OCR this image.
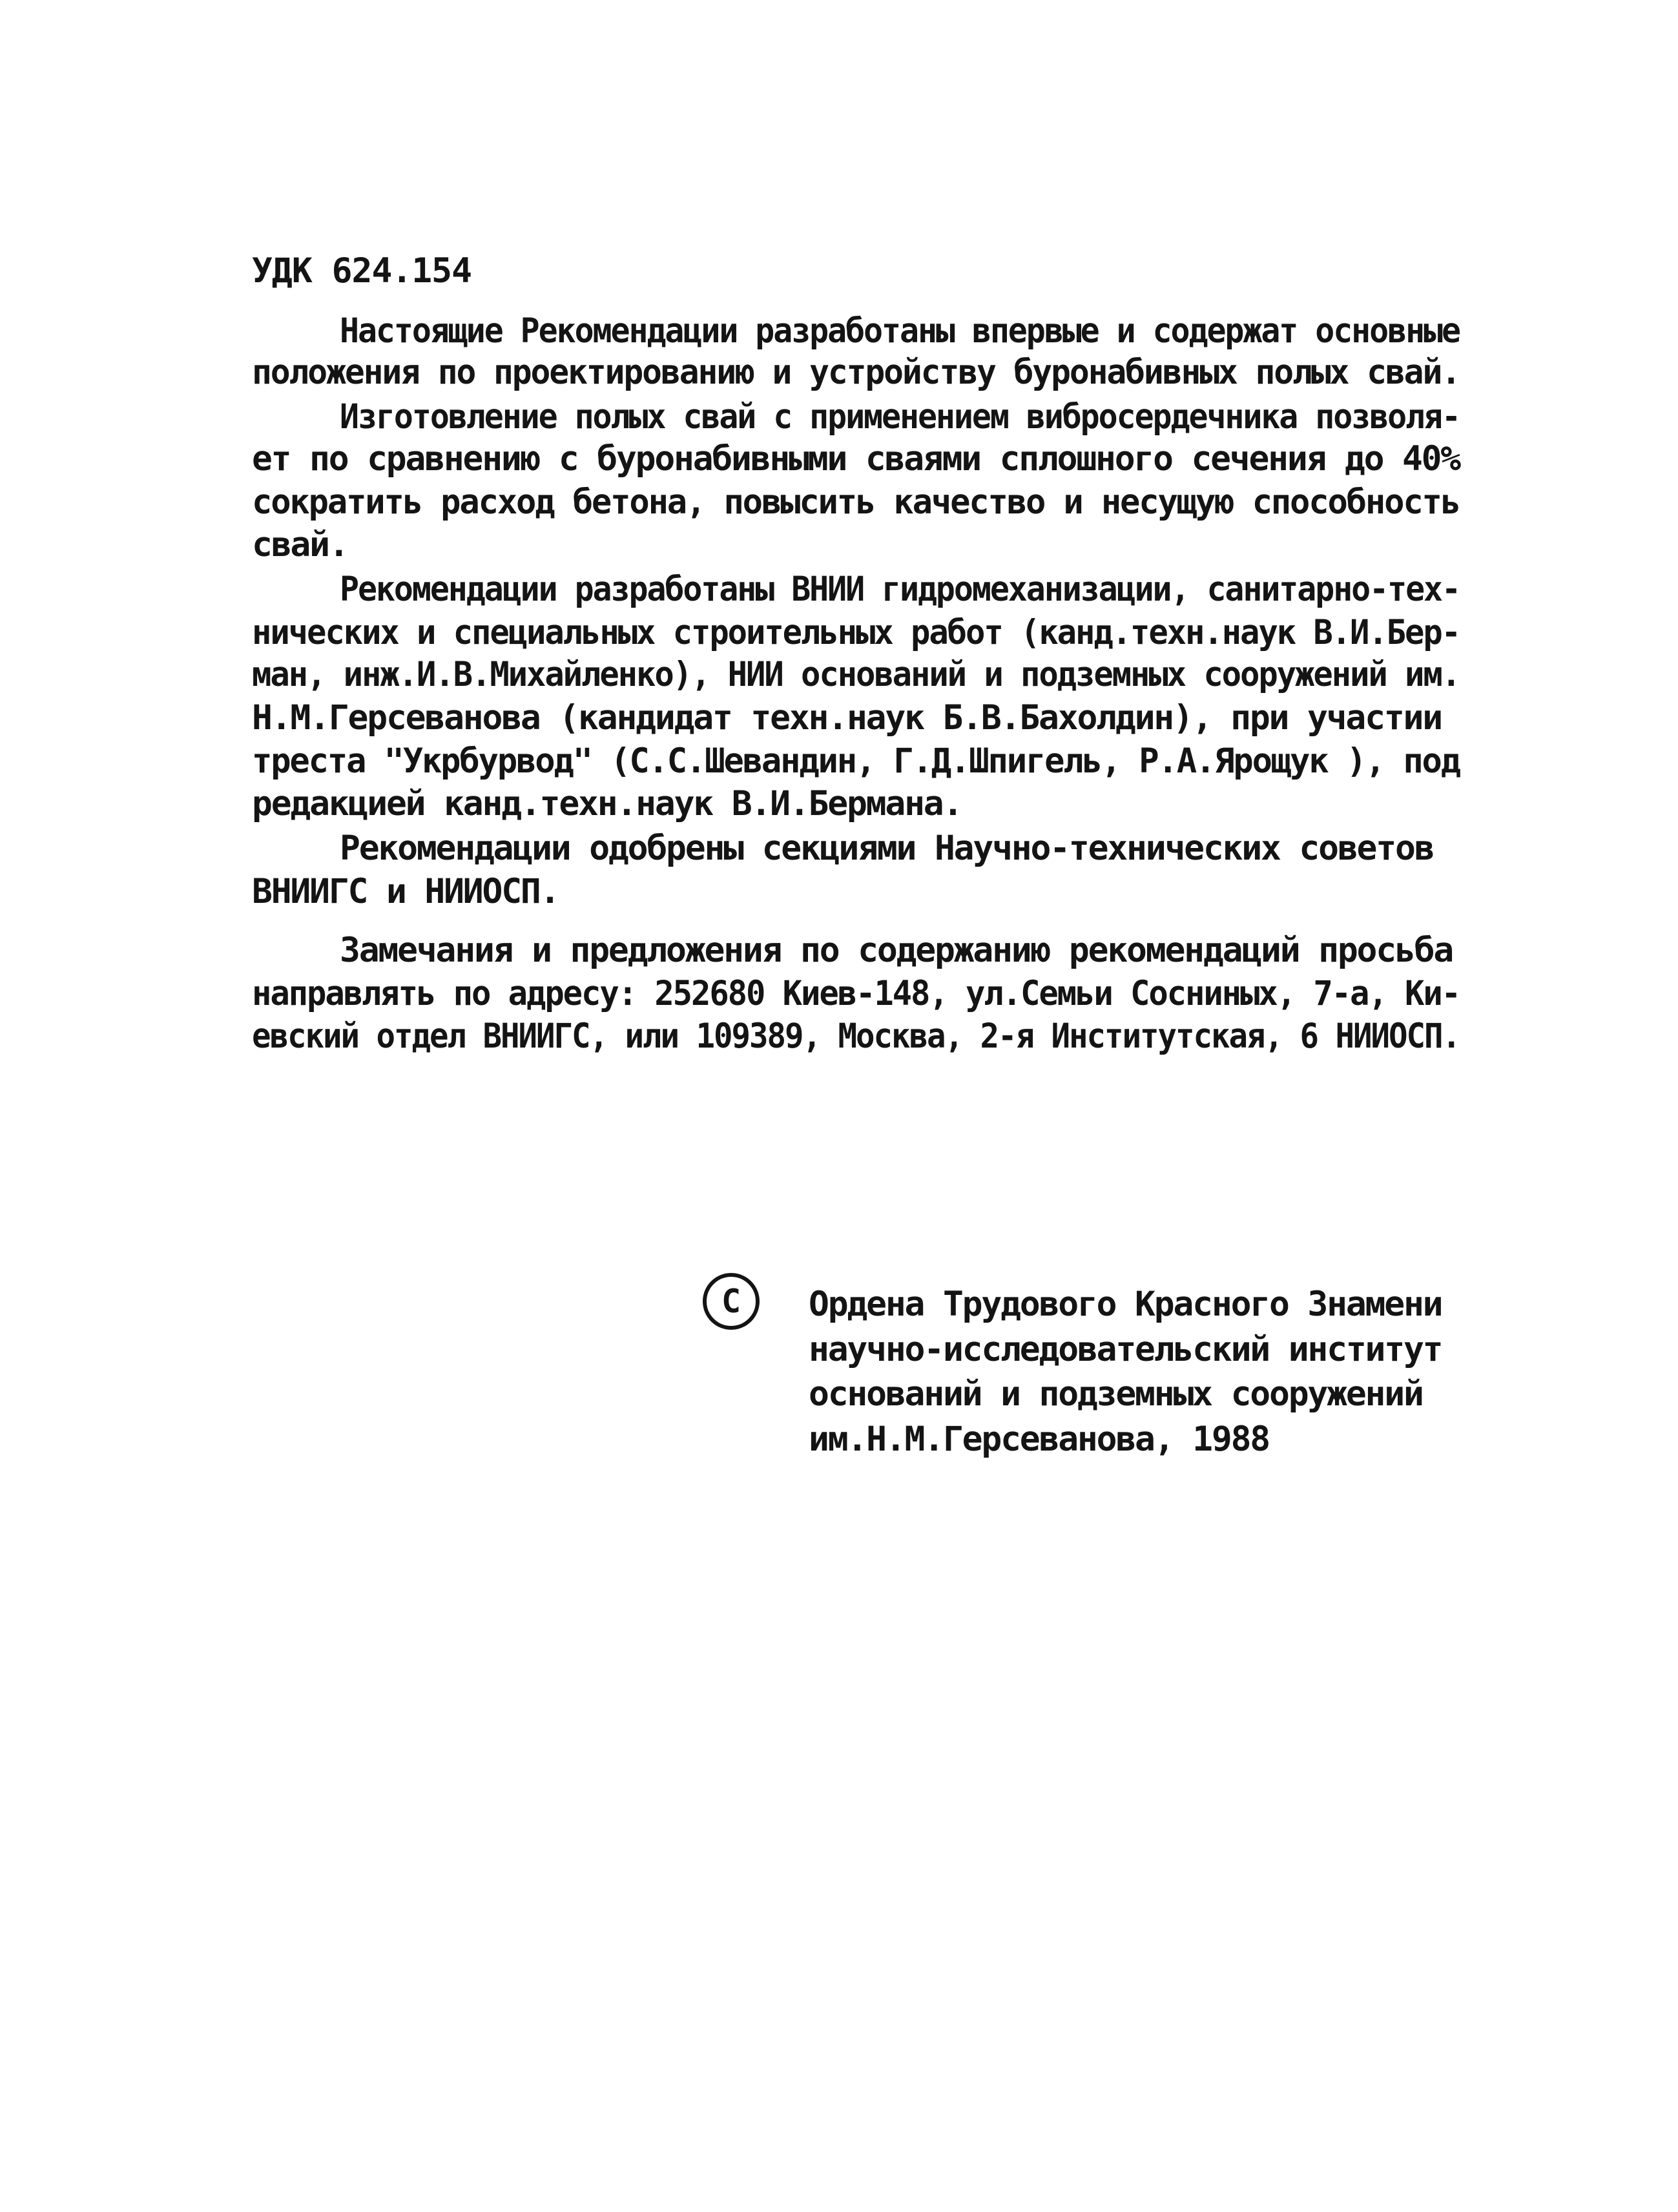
УДК 624.154
Настоящие Рекомендации разработаны впервые и содержат основные
положения по проектированию и устройству буронабивных полых свай.
Изготовление полых свай с применением вибросердечника позволя-
ет по сравнению с буронабивными сваями сплошного сечения до 40%
сократить расход бетона, повысить качество и несущую способность
свай.
Рекомендации разработаны ВНИИ гидромеханизации, санитарно-тех-
нических и специальных строительных работ (канд.техн.наук В.И.Бер-
ман, инж.И.В.Михайленко), НИИ оснований и подземных сооружений им.
Н.М.Герсеванова (кандидат техн.наук Б.В.Бахолдин), при участии
треста "Укрбурвод" (С.С.Шевандин, Г.Д.Шпигель, Р.А.Ярощук ), под
редакцией канд.техн.наук В.И.Бермана.
Рекомендации одобрены секциями Научно-технических советов
ВНИИГС и НИИОСП.
Замечания и предложения по содержанию рекомендаций просьба
направлять по адресу: 252680 Киев-148, ул.Семьи Сосниных, 7-а, Ки-
евский отдел ВНИИГС, или 109389, Москва, 2-я Институтская, 6 НИИОСП.
С Ордена Трудового Красного Знамени
научно-исследовательский институт
оснований и подземных сооружений
им.Н.М.Герсеванова, 1988
